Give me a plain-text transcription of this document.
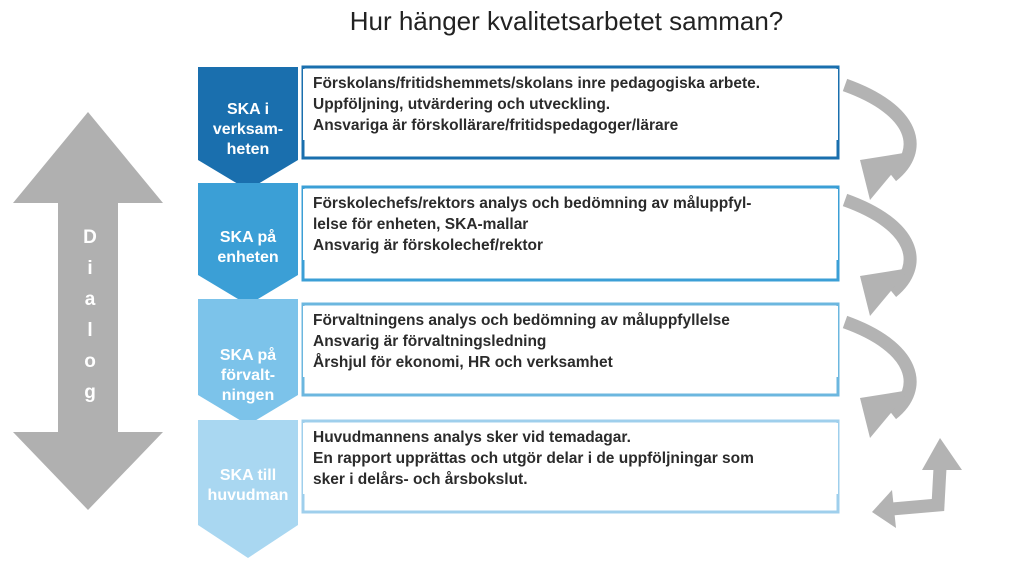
Hur hänger kvalitetsarbetet samman?
D
i
a
l
o
g
SKA i
verksam-
heten
SKA på
enheten
SKA på
förvalt-
ningen
SKA till
huvudman
Förskolans/fritidshemmets/skolans inre pedagogiska arbete.
Uppföljning, utvärdering och utveckling.
Ansvariga är förskollärare/fritidspedagoger/lärare
Förskolechefs/rektors analys och bedömning av måluppfyl-
lelse för enheten, SKA-mallar
Ansvarig är förskolechef/rektor
Förvaltningens analys och bedömning av måluppfyllelse
Ansvarig är förvaltningsledning
Årshjul för ekonomi, HR och verksamhet
Huvudmannens analys sker vid temadagar.
En rapport upprättas och utgör delar i de uppföljningar som
sker i delårs- och årsbokslut.
